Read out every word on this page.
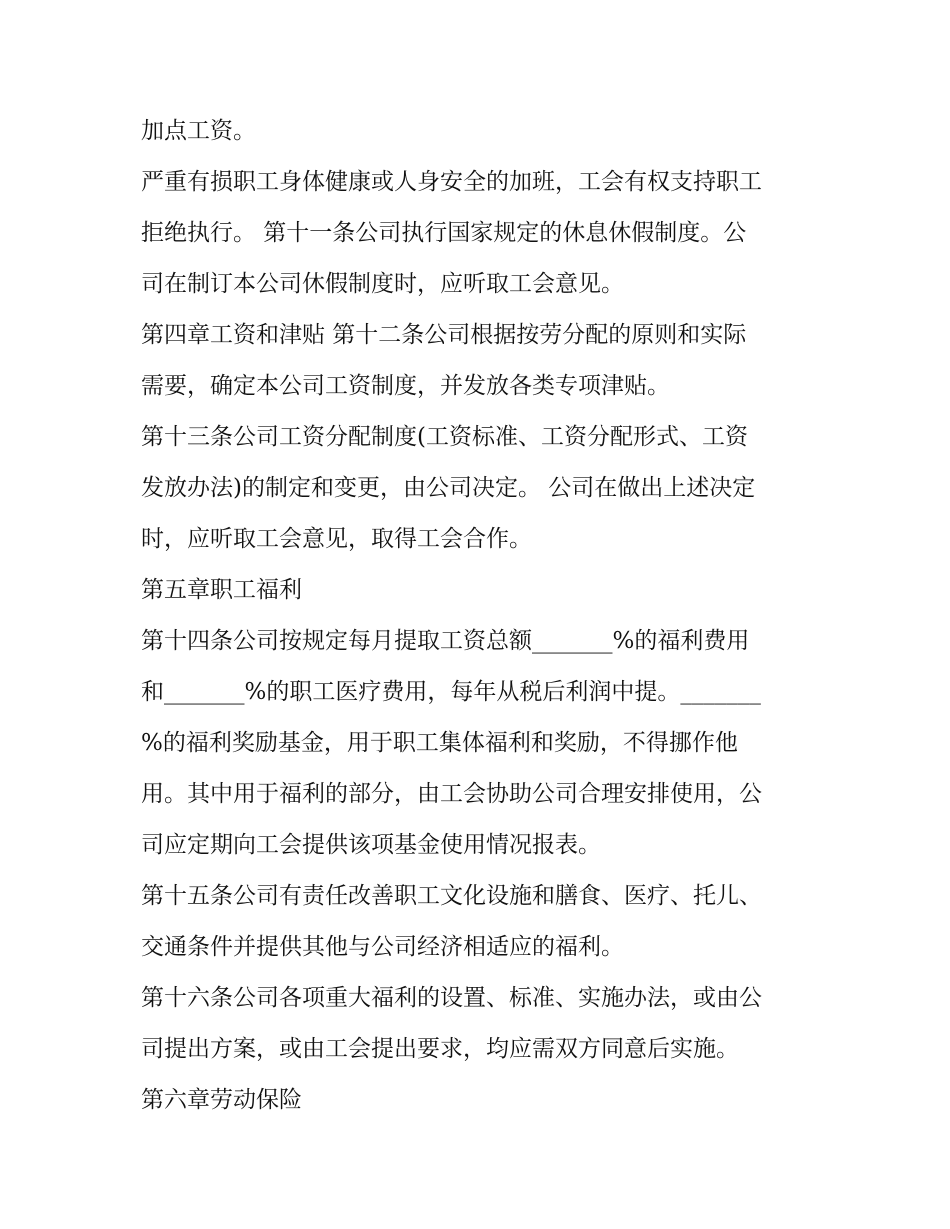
加点工资。
严重有损职工身体健康或人身安全的加班，工会有权支持职工
拒绝执行。 第十一条公司执行国家规定的休息休假制度。公
司在制订本公司休假制度时，应听取工会意见。
第四章工资和津贴 第十二条公司根据按劳分配的原则和实际
需要，确定本公司工资制度，并发放各类专项津贴。
第十三条公司工资分配制度(工资标准、工资分配形式、工资
发放办法)的制定和变更，由公司决定。 公司在做出上述决定
时，应听取工会意见，取得工会合作。
第五章职工福利
第十四条公司按规定每月提取工资总额_______%的福利费用
和_______%的职工医疗费用，每年从税后利润中提。_______
%的福利奖励基金，用于职工集体福利和奖励，不得挪作他
用。其中用于福利的部分，由工会协助公司合理安排使用，公
司应定期向工会提供该项基金使用情况报表。
第十五条公司有责任改善职工文化设施和膳食、医疗、托儿、
交通条件并提供其他与公司经济相适应的福利。
第十六条公司各项重大福利的设置、标准、实施办法，或由公
司提出方案，或由工会提出要求，均应需双方同意后实施。
第六章劳动保险
